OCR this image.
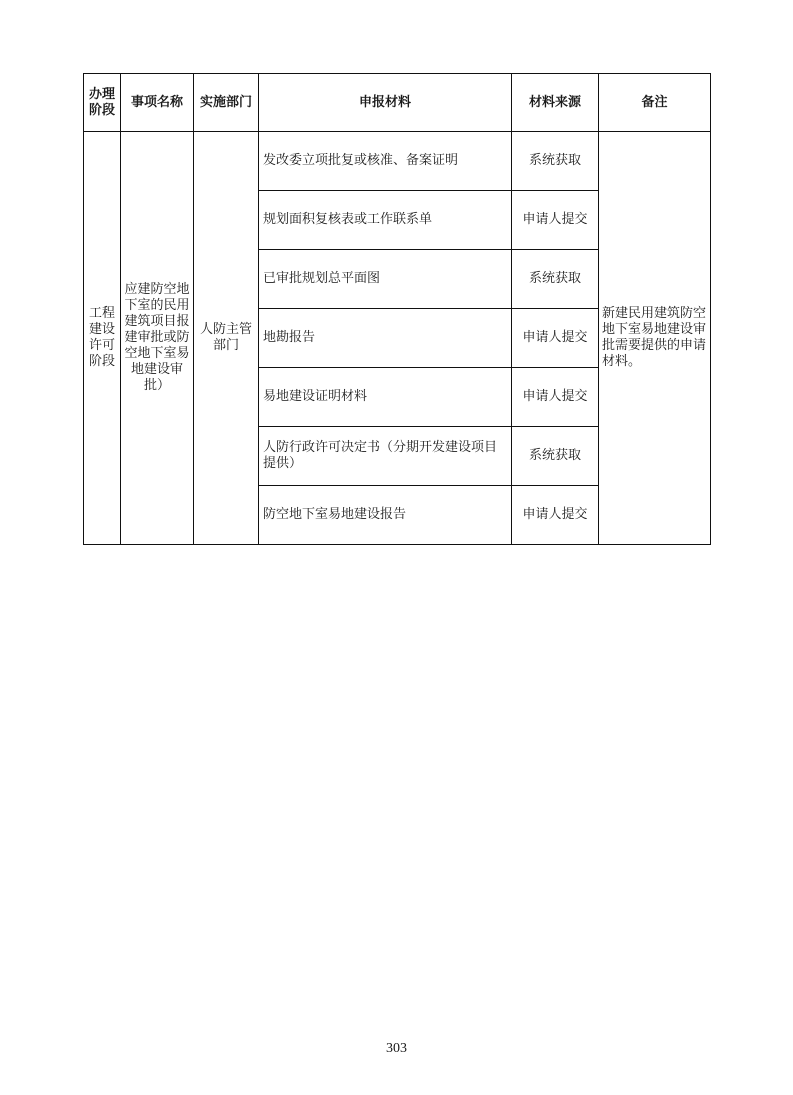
办理阶段	事项名称	实施部门	申报材料	材料来源	备注
工程建设许可阶段	应建防空地下室的民用建筑项目报建审批或防空地下室易地建设审批）	人防主管部门	发改委立项批复或核准、备案证明	系统获取	新建民用建筑防空地下室易地建设审批需要提供的申请材料。
			规划面积复核表或工作联系单	申请人提交	
			已审批规划总平面图	系统获取	
			地勘报告	申请人提交	
			易地建设证明材料	申请人提交	
			人防行政许可决定书（分期开发建设项目提供）	系统获取	
			防空地下室易地建设报告	申请人提交	
303
